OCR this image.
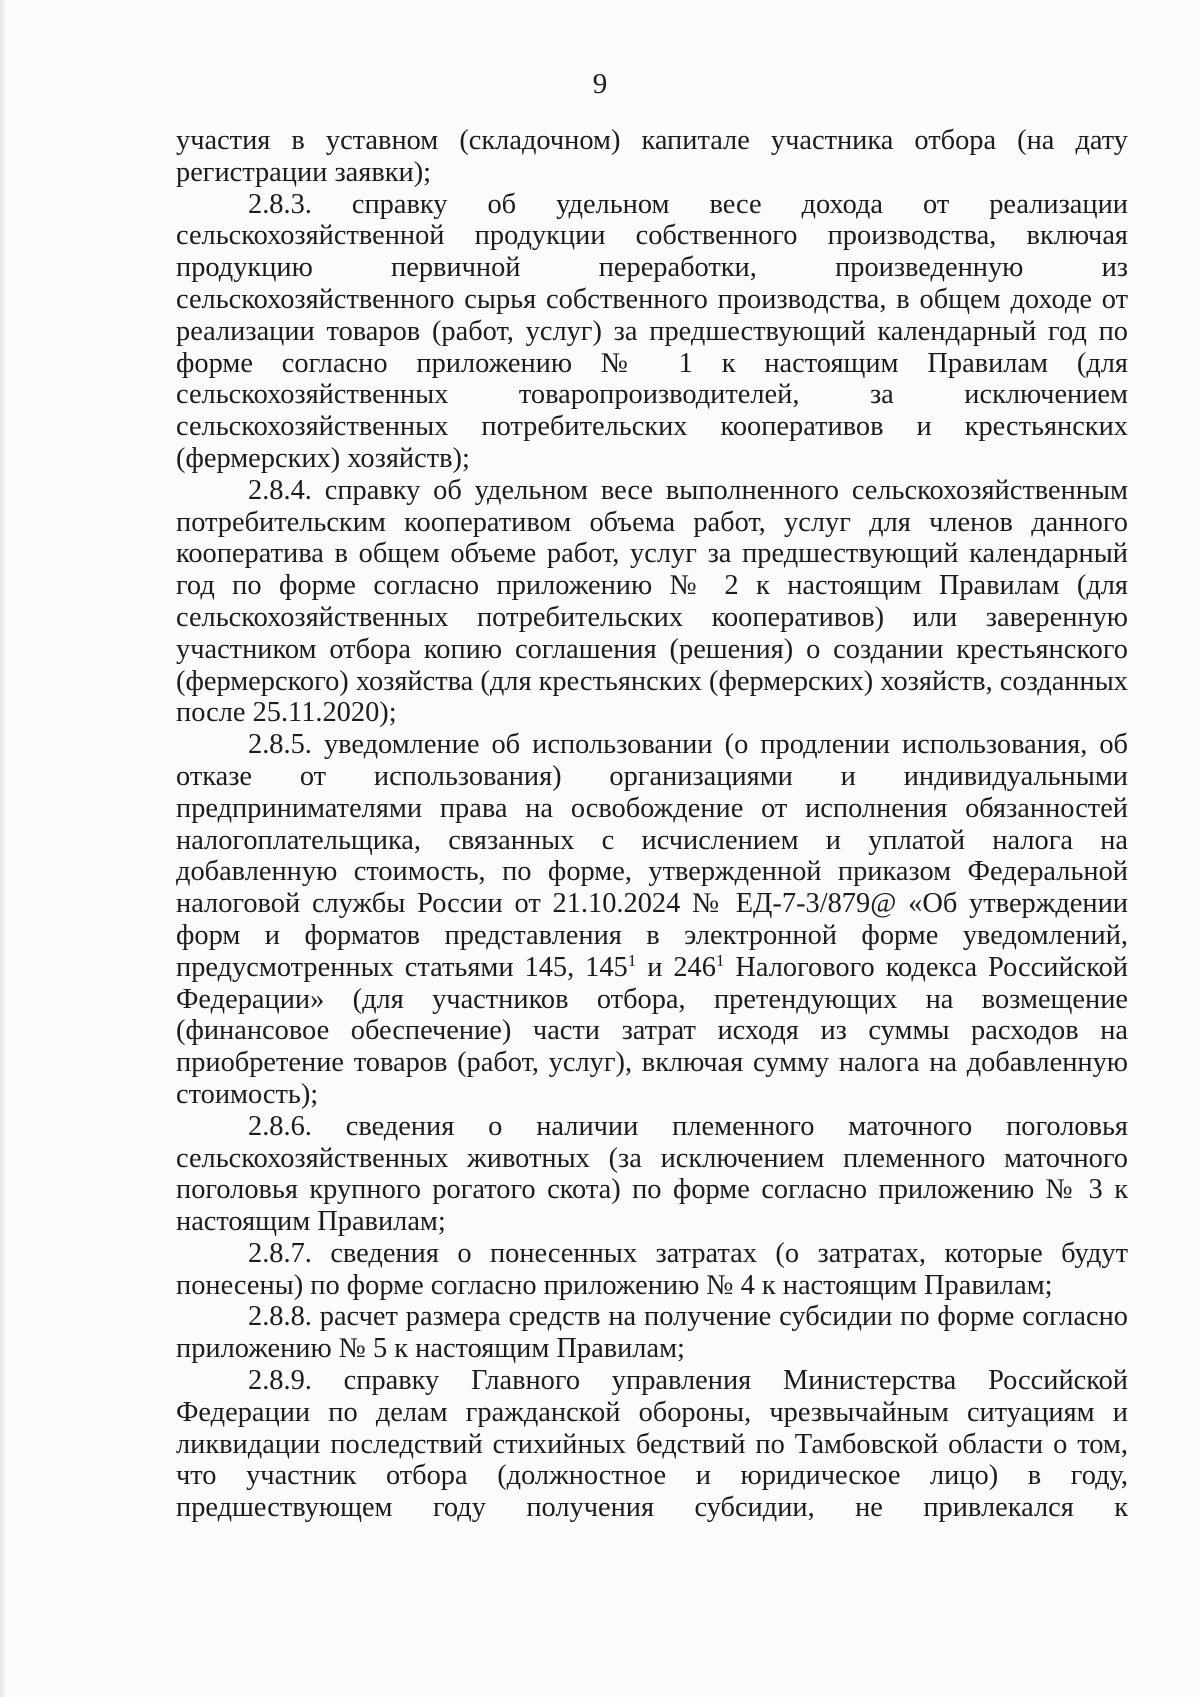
9

участия в уставном (складочном) капитале участника отбора (на дату регистрации заявки);

2.8.3. справку об удельном весе дохода от реализации сельскохозяйственной продукции собственного производства, включая продукцию первичной переработки, произведенную из сельскохозяйственного сырья собственного производства, в общем доходе от реализации товаров (работ, услуг) за предшествующий календарный год по форме согласно приложению № 1 к настоящим Правилам (для сельскохозяйственных товаропроизводителей, за исключением сельскохозяйственных потребительских кооперативов и крестьянских (фермерских) хозяйств);

2.8.4. справку об удельном весе выполненного сельскохозяйственным потребительским кооперативом объема работ, услуг для членов данного кооператива в общем объеме работ, услуг за предшествующий календарный год по форме согласно приложению № 2 к настоящим Правилам (для сельскохозяйственных потребительских кооперативов) или заверенную участником отбора копию соглашения (решения) о создании крестьянского (фермерского) хозяйства (для крестьянских (фермерских) хозяйств, созданных после 25.11.2020);

2.8.5. уведомление об использовании (о продлении использования, об отказе от использования) организациями и индивидуальными предпринимателями права на освобождение от исполнения обязанностей налогоплательщика, связанных с исчислением и уплатой налога на добавленную стоимость, по форме, утвержденной приказом Федеральной налоговой службы России от 21.10.2024 № ЕД-7-3/879@ «Об утверждении форм и форматов представления в электронной форме уведомлений, предусмотренных статьями 145, $145^1$ и $246^1$ Налогового кодекса Российской Федерации» (для участников отбора, претендующих на возмещение (финансовое обеспечение) части затрат исходя из суммы расходов на приобретение товаров (работ, услуг), включая сумму налога на добавленную стоимость);

2.8.6. сведения о наличии племенного маточного поголовья сельскохозяйственных животных (за исключением племенного маточного поголовья крупного рогатого скота) по форме согласно приложению № 3 к настоящим Правилам;

2.8.7. сведения о понесенных затратах (о затратах, которые будут понесены) по форме согласно приложению № 4 к настоящим Правилам;

2.8.8. расчет размера средств на получение субсидии по форме согласно приложению № 5 к настоящим Правилам;

2.8.9. справку Главного управления Министерства Российской Федерации по делам гражданской обороны, чрезвычайным ситуациям и ликвидации последствий стихийных бедствий по Тамбовской области о том, что участник отбора (должностное и юридическое лицо) в году, предшествующем году получения субсидии, не привлекался к
